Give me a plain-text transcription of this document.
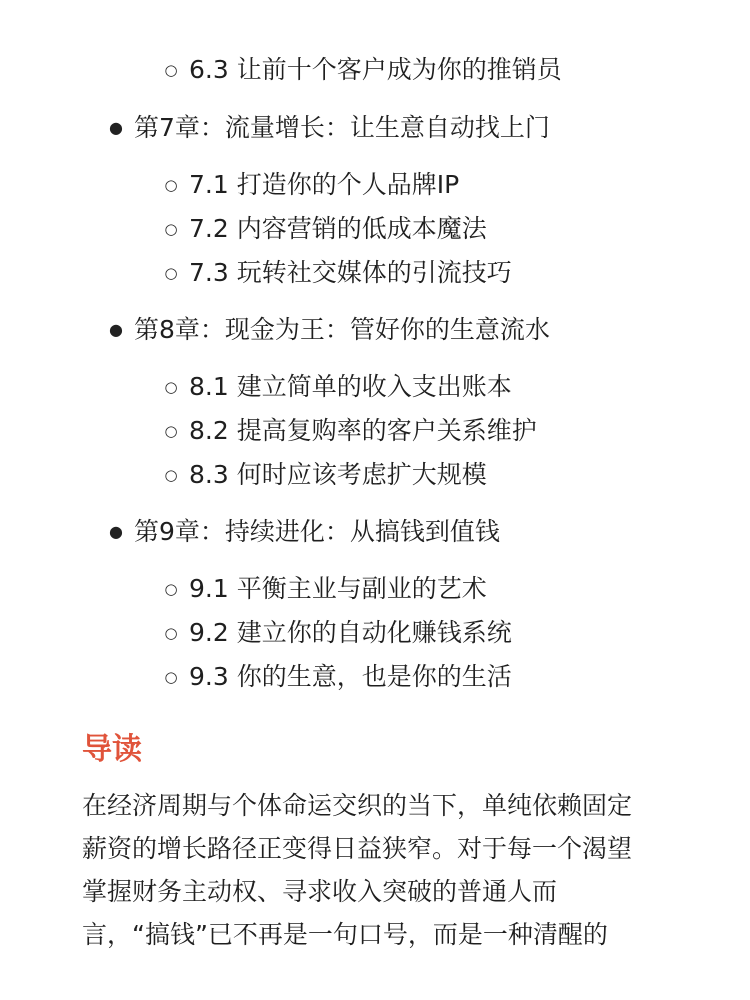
○ 6.3 让前十个客户成为你的推销员
● 第7章：流量增长：让生意自动找上门
○ 7.1 打造你的个人品牌IP
○ 7.2 内容营销的低成本魔法
○ 7.3 玩转社交媒体的引流技巧
● 第8章：现金为王：管好你的生意流水
○ 8.1 建立简单的收入支出账本
○ 8.2 提高复购率的客户关系维护
○ 8.3 何时应该考虑扩大规模
● 第9章：持续进化：从搞钱到值钱
○ 9.1 平衡主业与副业的艺术
○ 9.2 建立你的自动化赚钱系统
○ 9.3 你的生意，也是你的生活
导读
在经济周期与个体命运交织的当下，单纯依赖固定
薪资的增长路径正变得日益狭窄。对于每一个渴望
掌握财务主动权、寻求收入突破的普通人而
言，“搞钱”已不再是一句口号，而是一种清醒的
